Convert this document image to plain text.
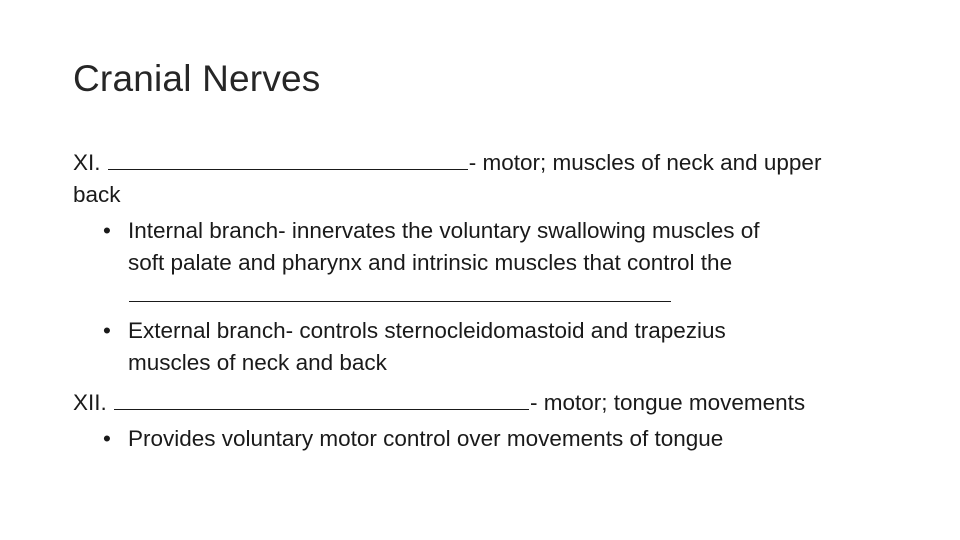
Cranial Nerves
XI.	- motor; muscles of neck and upper
back
• Internal branch- innervates the voluntary swallowing muscles of
soft palate and pharynx and intrinsic muscles that control the
• External branch- controls sternocleidomastoid and trapezius
muscles of neck and back
XII.	- motor; tongue movements
• Provides voluntary motor control over movements of tongue
